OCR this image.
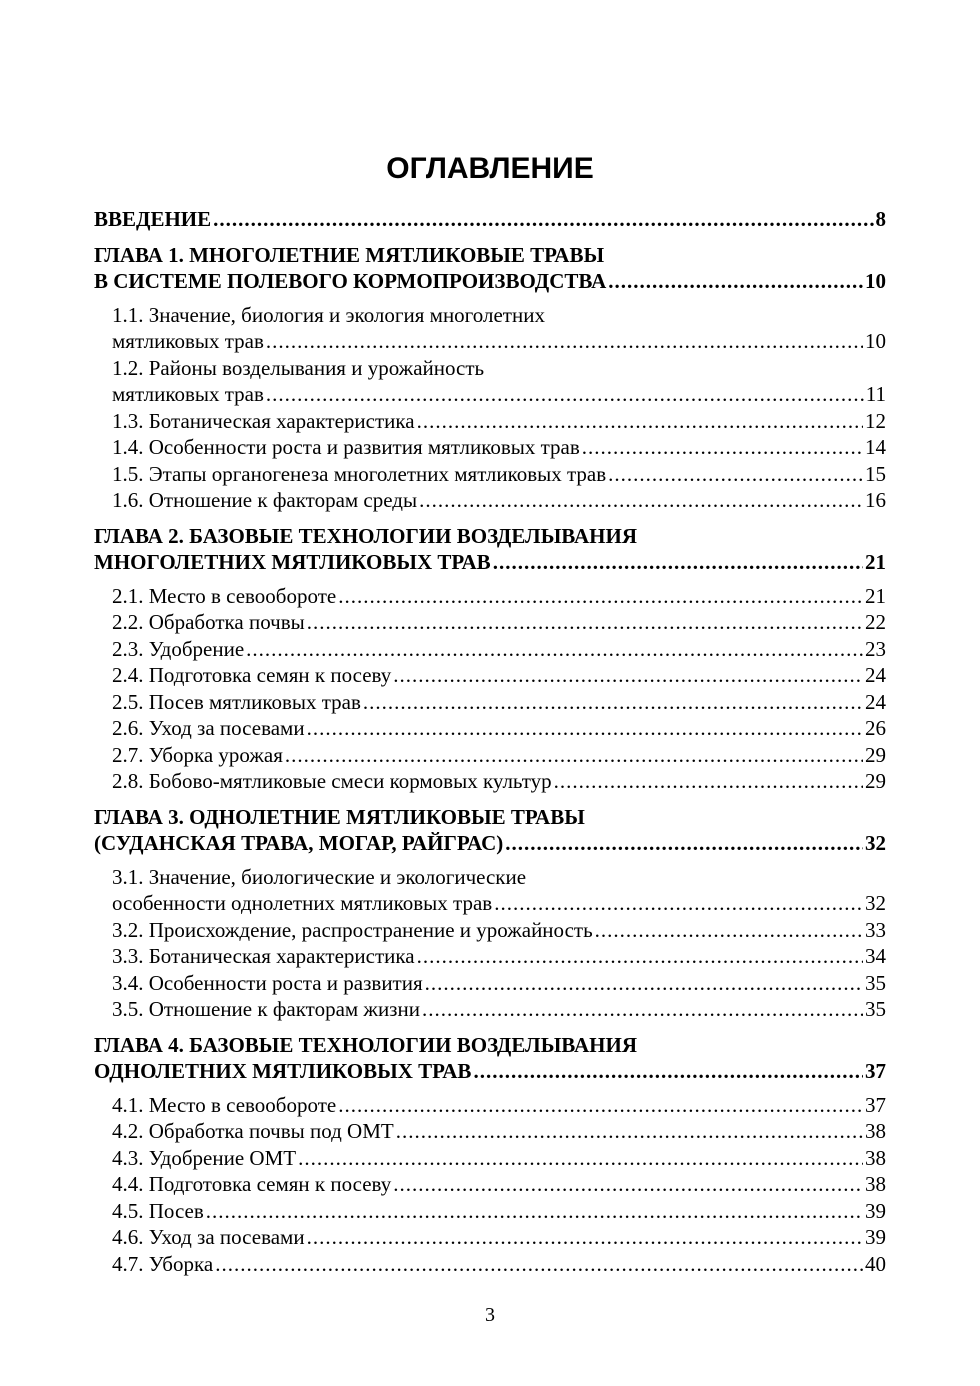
ОГЛАВЛЕНИЕ
ВВЕДЕНИЕ .....	8
ГЛАВА 1. МНОГОЛЕТНИЕ МЯТЛИКОВЫЕ ТРАВЫ
В СИСТЕМЕ ПОЛЕВОГО КОРМОПРОИЗВОДСТВА .....	10
1.1. Значение, биология и экология многолетних
мятликовых трав .....	10
1.2. Районы возделывания и урожайность
мятликовых трав .....	11
1.3. Ботаническая характеристика .....	12
1.4. Особенности роста и развития мятликовых трав .....	14
1.5. Этапы органогенеза многолетних мятликовых трав .....	15
1.6. Отношение к факторам среды .....	16
ГЛАВА 2. БАЗОВЫЕ ТЕХНОЛОГИИ ВОЗДЕЛЫВАНИЯ
МНОГОЛЕТНИХ МЯТЛИКОВЫХ ТРАВ .....	21
2.1. Место в севообороте .....	21
2.2. Обработка почвы .....	22
2.3. Удобрение .....	23
2.4. Подготовка семян к посеву .....	24
2.5. Посев мятликовых трав .....	24
2.6. Уход за посевами .....	26
2.7. Уборка урожая .....	29
2.8. Бобово-мятликовые смеси кормовых культур .....	29
ГЛАВА 3. ОДНОЛЕТНИЕ МЯТЛИКОВЫЕ ТРАВЫ
(СУДАНСКАЯ ТРАВА, МОГАР, РАЙГРАС) .....	32
3.1. Значение, биологические и экологические
особенности однолетних мятликовых трав .....	32
3.2. Происхождение, распространение и урожайность .....	33
3.3. Ботаническая характеристика .....	34
3.4. Особенности роста и развития .....	35
3.5. Отношение к факторам жизни .....	35
ГЛАВА 4. БАЗОВЫЕ ТЕХНОЛОГИИ ВОЗДЕЛЫВАНИЯ
ОДНОЛЕТНИХ МЯТЛИКОВЫХ ТРАВ .....	37
4.1. Место в севообороте .....	37
4.2. Обработка почвы под ОМТ .....	38
4.3. Удобрение ОМТ .....	38
4.4. Подготовка семян к посеву .....	38
4.5. Посев .....	39
4.6. Уход за посевами .....	39
4.7. Уборка .....	40
3
